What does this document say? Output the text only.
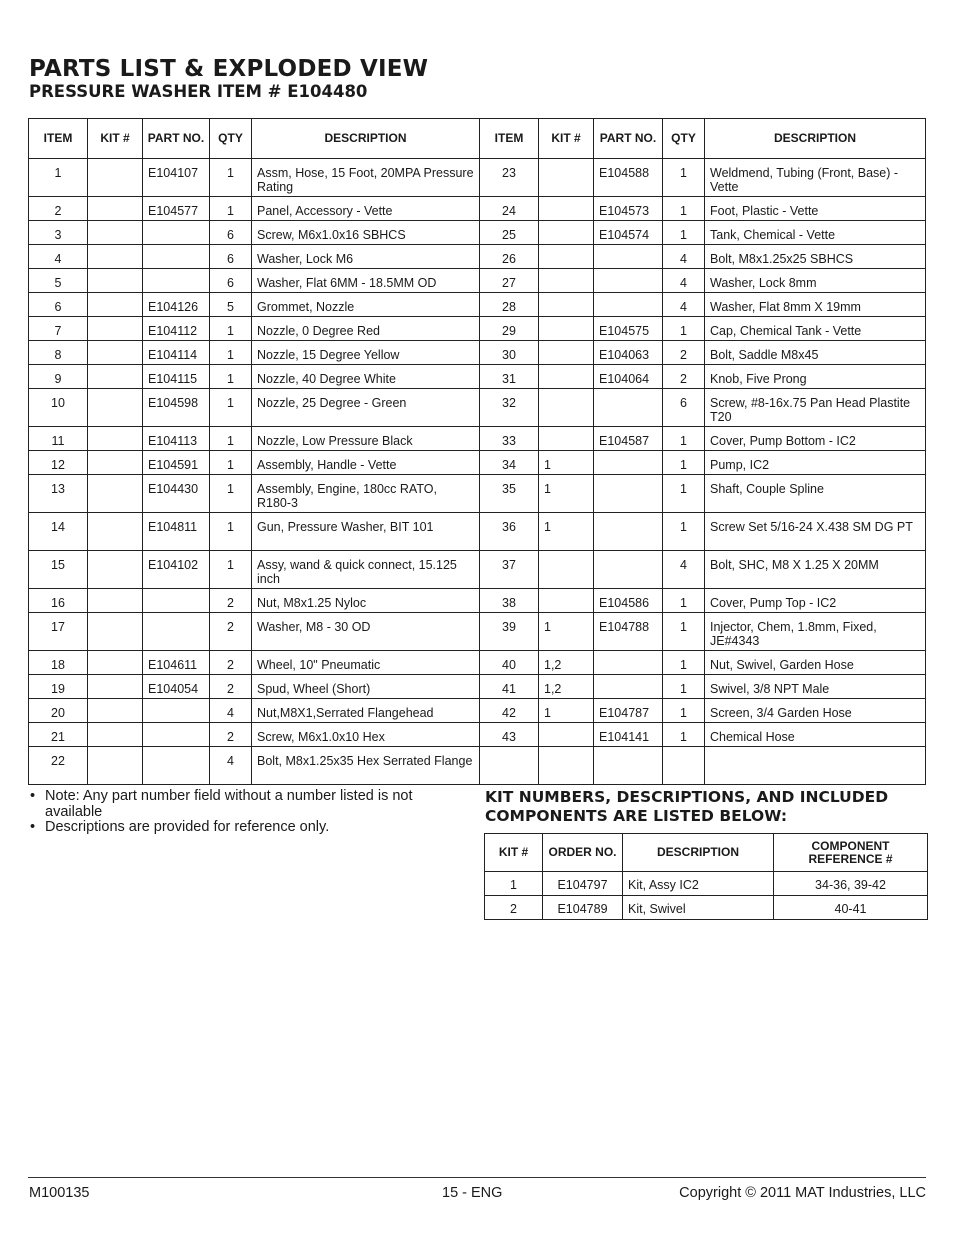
PARTS LIST & EXPLODED VIEW
PRESSURE WASHER ITEM # E104480
ITEM	KIT #	PART NO.	QTY	DESCRIPTION	ITEM	KIT #	PART NO.	QTY	DESCRIPTION
1		E104107	1	Assm, Hose, 15 Foot, 20MPA Pressure Rating	23		E104588	1	Weldmend, Tubing (Front, Base) - Vette
2		E104577	1	Panel, Accessory - Vette	24		E104573	1	Foot, Plastic - Vette
3			6	Screw, M6x1.0x16 SBHCS	25		E104574	1	Tank, Chemical - Vette
4			6	Washer, Lock M6	26			4	Bolt, M8x1.25x25 SBHCS
5			6	Washer, Flat 6MM - 18.5MM OD	27			4	Washer, Lock 8mm
6		E104126	5	Grommet, Nozzle	28			4	Washer, Flat 8mm X 19mm
7		E104112	1	Nozzle, 0 Degree Red	29		E104575	1	Cap, Chemical Tank - Vette
8		E104114	1	Nozzle, 15 Degree Yellow	30		E104063	2	Bolt, Saddle M8x45
9		E104115	1	Nozzle, 40 Degree White	31		E104064	2	Knob, Five Prong
10		E104598	1	Nozzle, 25 Degree - Green	32			6	Screw, #8-16x.75 Pan Head Plastite T20
11		E104113	1	Nozzle, Low Pressure Black	33		E104587	1	Cover, Pump Bottom - IC2
12		E104591	1	Assembly, Handle - Vette	34	1		1	Pump, IC2
13		E104430	1	Assembly, Engine, 180cc RATO, R180-3	35	1		1	Shaft, Couple Spline
14		E104811	1	Gun, Pressure Washer, BIT 101	36	1		1	Screw Set 5/16-24 X.438 SM DG PT
15		E104102	1	Assy, wand & quick connect, 15.125 inch	37			4	Bolt, SHC, M8 X 1.25 X 20MM
16			2	Nut, M8x1.25 Nyloc	38		E104586	1	Cover, Pump Top - IC2
17			2	Washer, M8 - 30 OD	39	1	E104788	1	Injector, Chem, 1.8mm, Fixed, JE#4343
18		E104611	2	Wheel, 10" Pneumatic	40	1,2		1	Nut, Swivel, Garden Hose
19		E104054	2	Spud, Wheel (Short)	41	1,2		1	Swivel, 3/8 NPT Male
20			4	Nut,M8X1,Serrated Flangehead	42	1	E104787	1	Screen, 3/4 Garden Hose
21			2	Screw, M6x1.0x10 Hex	43		E104141	1	Chemical Hose
22			4	Bolt, M8x1.25x35 Hex Serrated Flange					
• Note: Any part number field without a number listed is not available
• Descriptions are provided for reference only.
KIT NUMBERS, DESCRIPTIONS, AND INCLUDED COMPONENTS ARE LISTED BELOW:
KIT #	ORDER NO.	DESCRIPTION	COMPONENT REFERENCE #
1	E104797	Kit, Assy IC2	34-36, 39-42
2	E104789	Kit, Swivel	40-41
M100135	15 - ENG	Copyright © 2011 MAT Industries, LLC
